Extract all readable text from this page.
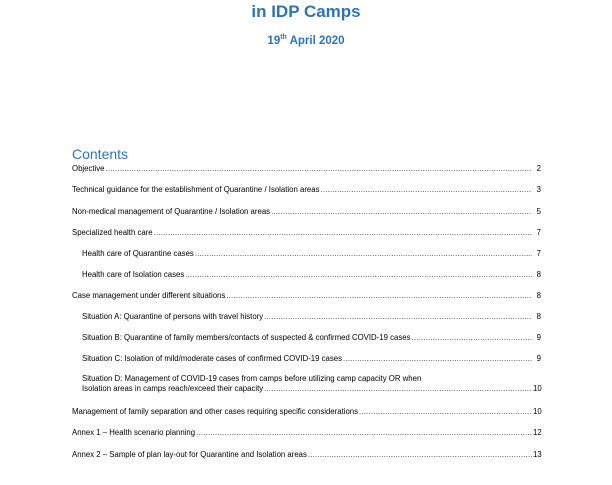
in IDP Camps
19th April 2020
Contents
Objective .....	2
Technical guidance for the establishment of Quarantine / Isolation areas .....	3
Non-medical management of Quarantine / Isolation areas .....	5
Specialized health care .....	7
Health care of Quarantine cases .....	7
Health care of Isolation cases .....	8
Case management under different situations .....	8
Situation A: Quarantine of persons with travel history .....	8
Situation B: Quarantine of family members/contacts of suspected & confirmed COVID-19 cases .....	9
Situation C: Isolation of mild/moderate cases of confirmed COVID-19 cases .....	9
Situation D: Management of COVID-19 cases from camps before utilizing camp capacity OR when
Isolation areas in camps reach/exceed their capacity .....	10
Management of family separation and other cases requiring specific considerations .....	10
Annex 1 – Health scenario planning .....	12
Annex 2 – Sample of plan lay-out for Quarantine and Isolation areas .....	13
